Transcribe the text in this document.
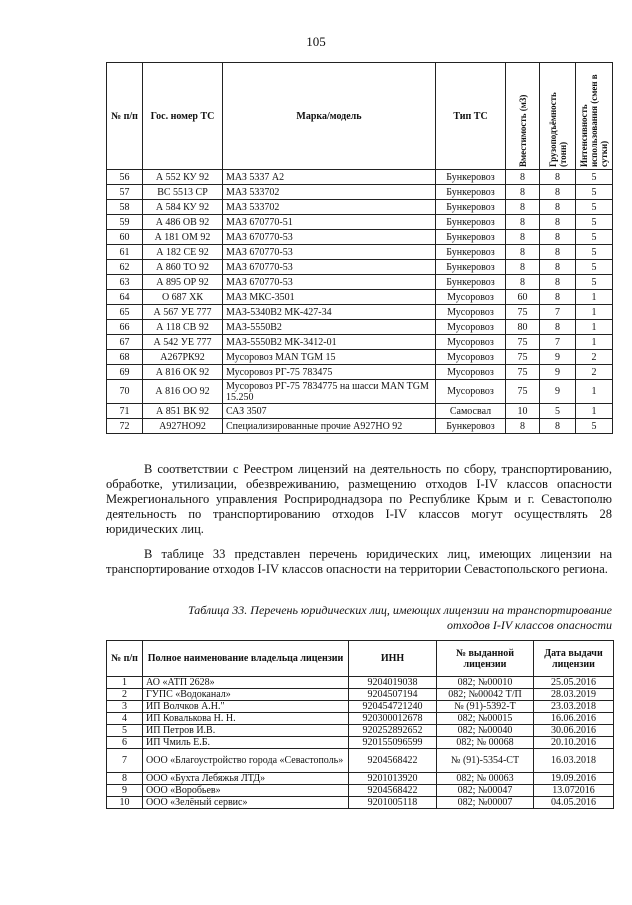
105
№ п/п	Гос. номер ТС	Марка/модель	Тип ТС	Вместимость (м3)	Грузоподъёмность (тонн)	Интенсивность использования (смен в сутки)

56	А 552 КУ 92	МАЗ 5337 А2	Бункеровоз	8	8	5
57	ВС 5513 СР	МАЗ 533702	Бункеровоз	8	8	5
58	А 584 КУ 92	МАЗ 533702	Бункеровоз	8	8	5
59	А 486 ОВ 92	МАЗ 670770-51	Бункеровоз	8	8	5
60	А 181 ОМ 92	МАЗ 670770-53	Бункеровоз	8	8	5
61	А 182 СЕ 92	МАЗ 670770-53	Бункеровоз	8	8	5
62	А 860 ТО 92	МАЗ 670770-53	Бункеровоз	8	8	5
63	А 895 ОР 92	МАЗ 670770-53	Бункеровоз	8	8	5
64	О 687 ХК	МАЗ МКС-3501	Мусоровоз	60	8	1
65	А 567 УЕ 777	МАЗ-5340В2 МК-427-34	Мусоровоз	75	7	1
66	А 118 СВ 92	МАЗ-5550В2	Мусоровоз	80	8	1
67	А 542 УЕ 777	МАЗ-5550В2 МК-3412-01	Мусоровоз	75	7	1
68	А267РК92	Мусоровоз MAN TGM 15	Мусоровоз	75	9	2
69	А 816 ОК 92	Мусоровоз РГ-75 783475	Мусоровоз	75	9	2
70	А 816 ОО 92	Мусоровоз РГ-75 7834775 на шасси MAN TGM 15.250	Мусоровоз	75	9	1
71	А 851 ВК 92	САЗ 3507	Самосвал	10	5	1
72	А927НО92	Специализированные прочие А927НО 92	Бункеровоз	8	8	5
В соответствии с Реестром лицензий на деятельность по сбору, транспортированию, обработке, утилизации, обезвреживанию, размещению отходов I-IV классов опасности Межрегионального управления Росприроднадзора по Республике Крым и г. Севастополю деятельность по транспортированию отходов I-IV классов могут осуществлять 28 юридических лиц.
В таблице 33 представлен перечень юридических лиц, имеющих лицензии на транспортирование отходов I-IV классов опасности на территории Севастопольского региона.
Таблица 33. Перечень юридических лиц, имеющих лицензии на транспортирование отходов I-IV классов опасности
№ п/п	Полное наименование владельца лицензии	ИНН	№ выданной лицензии	Дата выдачи лицензии
1	АО «АТП 2628»	9204019038	082; №00010	25.05.2016
2	ГУПС «Водоканал»	9204507194	082; №00042 Т/П	28.03.2019
3	ИП Волчков А.Н."	920454721240	№ (91)-5392-Т	23.03.2018
4	ИП Ковалькова Н. Н.	920300012678	082; №00015	16.06.2016
5	ИП Петров И.В.	920252892652	082; №00040	30.06.2016
6	ИП Чмиль Е.Б.	920155096599	082; № 00068	20.10.2016
7	ООО «Благоустройство города «Севастополь»	9204568422	№ (91)-5354-СТ	16.03.2018
8	ООО «Бухта Лебяжья ЛТД»	9201013920	082; № 00063	19.09.2016
9	ООО «Воробьев»	9204568422	082; №00047	13.072016
10	ООО «Зелёный сервис»	9201005118	082; №00007	04.05.2016
